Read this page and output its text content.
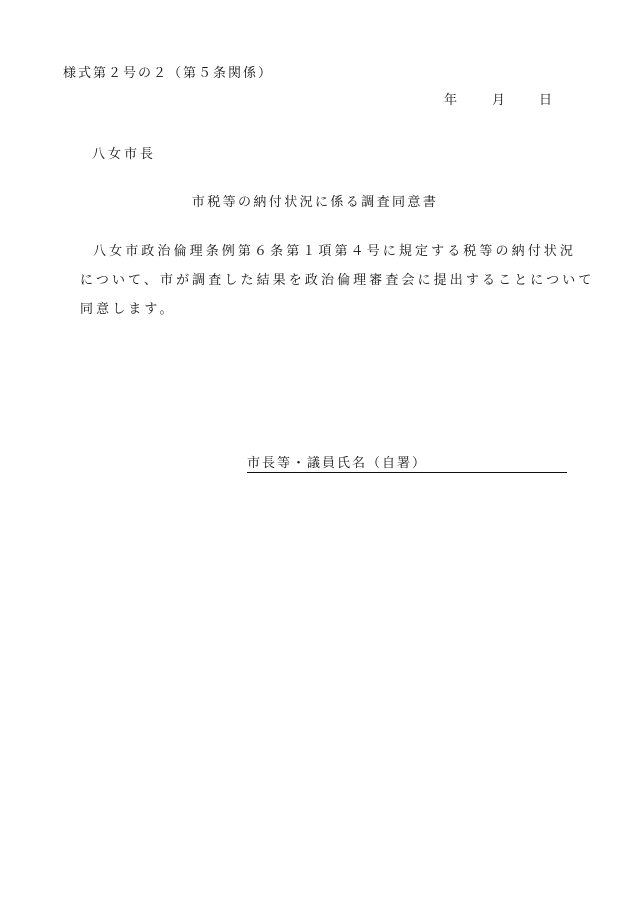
様式第２号の２（第５条関係）
年	月	日
八女市長
市税等の納付状況に係る調査同意書

八女市政治倫理条例第６条第１項第４号に規定する税等の納付状況

について、市が調査した結果を政治倫理審査会に提出することについて

同意します。

市長等・議員氏名（自署）
